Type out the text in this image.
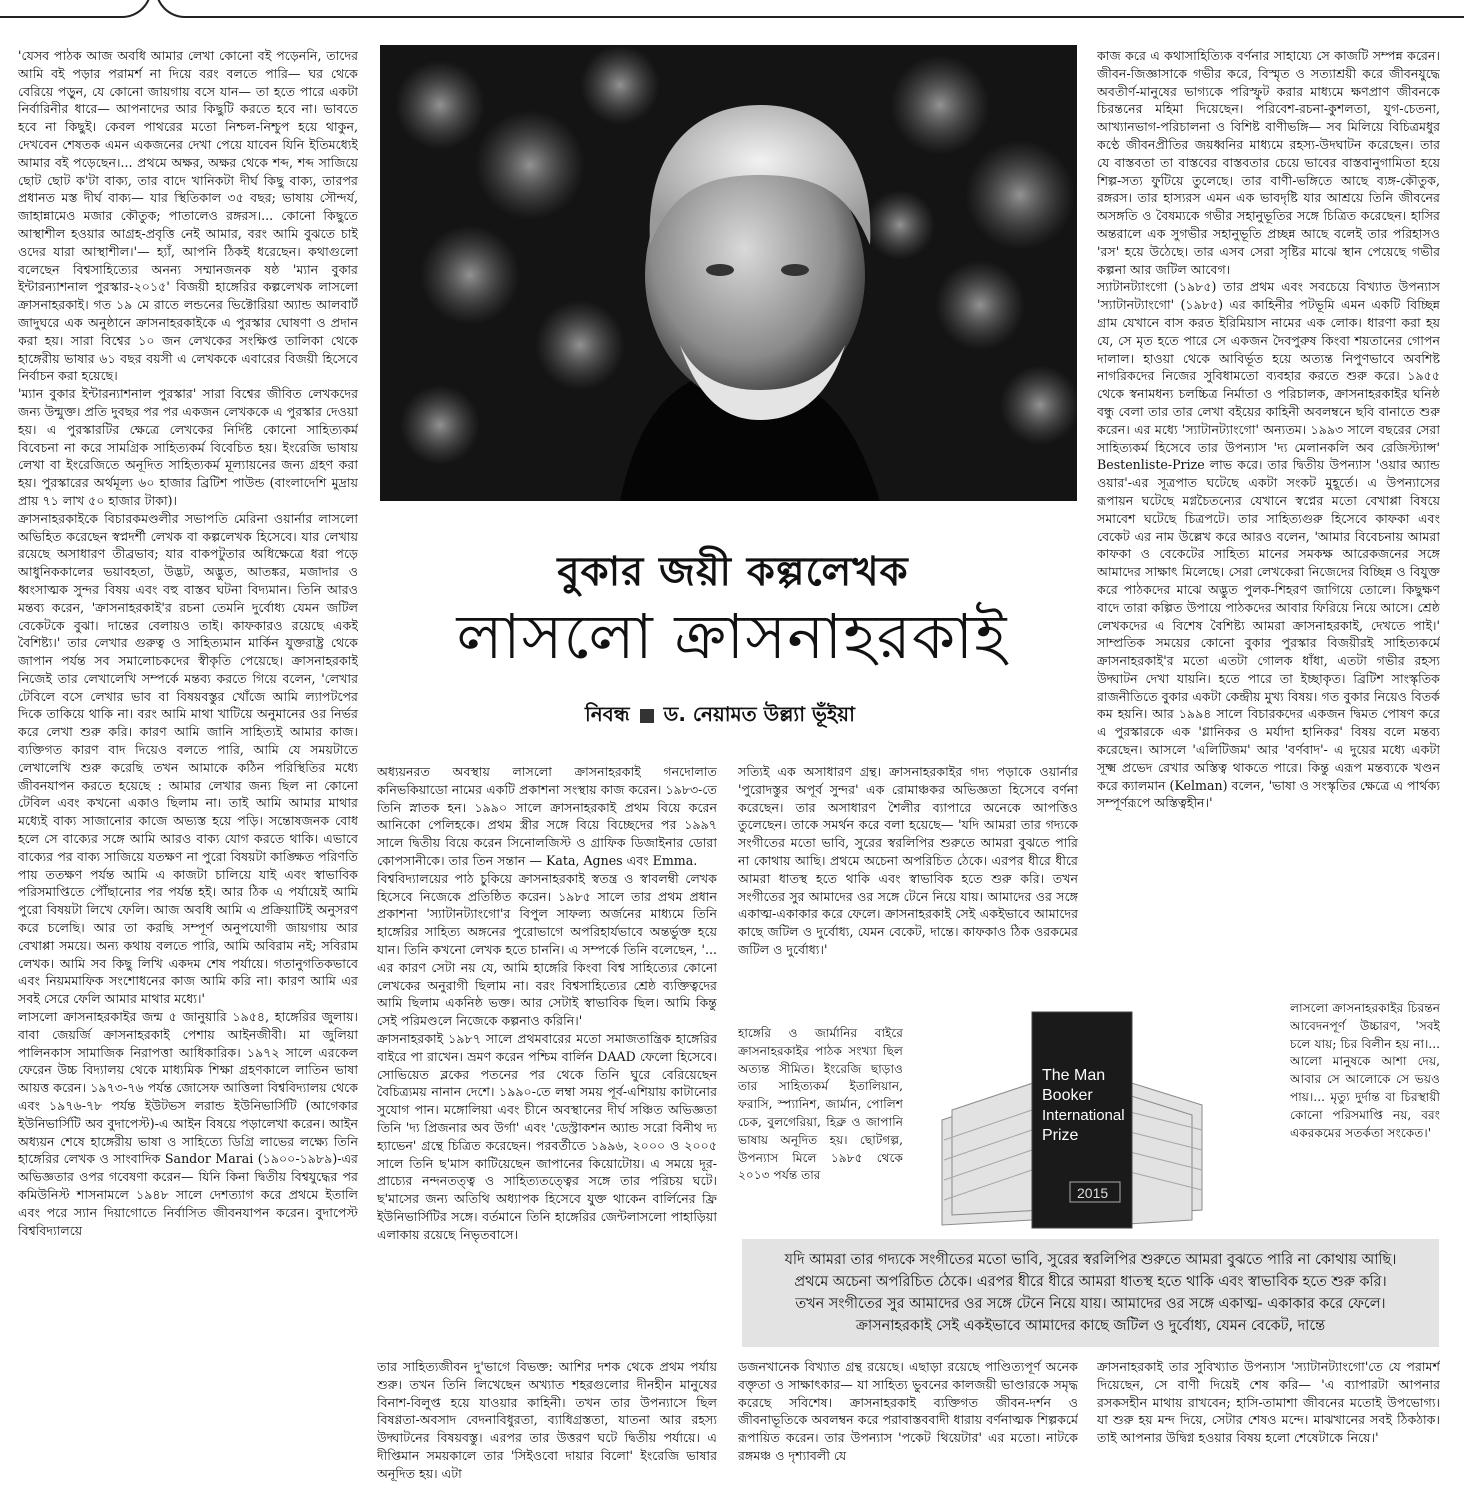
'যেসব পাঠক আজ অবধি আমার লেখা কোনো বই পড়েননি, তাদের আমি বই পড়ার পরামর্শ না দিয়ে বরং বলতে পারি— ঘর থেকে বেরিয়ে পড়ুন, যে কোনো জায়গায় বসে যান— তা হতে পারে একটা নির্বারিনীর ধারে— আপনাদের আর কিছুটি করতে হবে না। ভাবতে হবে না কিছুই। কেবল পাথরের মতো নিশ্চল-নিশ্চুপ হয়ে থাকুন, দেখবেন শেষতক এমন একজনের দেখা পেয়ে যাবেন যিনি ইতিমধ্যেই আমার বই পড়েছেন।... প্রথমে অক্ষর, অক্ষর থেকে শব্দ, শব্দ সাজিয়ে ছোট ছোট ক'টা বাক্য, তার বাদে খানিকটা দীর্ঘ কিছু বাক্য, তারপর প্রধানত মস্ত দীর্ঘ বাক্য— যার স্থিতিকাল ৩৫ বছর; ভাষায় সৌন্দর্য, জাহান্নামেও মজার কৌতুক; পাতালেও রঙ্গরস।... কোনো কিছুতে আস্থাশীল হওয়ার আগ্রহ-প্রবৃত্তি নেই আমার, বরং আমি বুঝতে চাই ওদের যারা আস্থাশীল।'— হ্যাঁ, আপনি ঠিকই ধরেছেন। কথাগুলো বলেছেন বিশ্বসাহিত্যের অনন্য সম্মানজনক ষষ্ঠ 'ম্যান বুকার ইন্টারন্যাশনাল পুরস্কার-২০১৫' বিজয়ী হাঙ্গেরির কল্পলেখক লাসলো ক্রাসনাহরকাই। গত ১৯ মে রাতে লন্ডনের ভিক্টোরিয়া অ্যান্ড আলবার্ট জাদুঘরে এক অনুষ্ঠানে ক্রাসনাহরকাইকে এ পুরস্কার ঘোষণা ও প্রদান করা হয়। সারা বিশ্বের ১০ জন লেখকের সংক্ষিপ্ত তালিকা থেকে হাঙ্গেরীয় ভাষার ৬১ বছর বয়সী এ লেখককে এবারের বিজয়ী হিসেবে নির্বাচন করা হয়েছে।

'ম্যান বুকার ইন্টারন্যাশনাল পুরস্কার' সারা বিশ্বের জীবিত লেখকদের জন্য উন্মুক্ত। প্রতি দুবছর পর পর একজন লেখককে এ পুরস্কার দেওয়া হয়। এ পুরস্কারটির ক্ষেত্রে লেখকের নির্দিষ্ট কোনো সাহিত্যকর্ম বিবেচনা না করে সামগ্রিক সাহিত্যকর্ম বিবেচিত হয়। ইংরেজি ভাষায় লেখা বা ইংরেজিতে অনূদিত সাহিত্যকর্ম মূল্যায়নের জন্য গ্রহণ করা হয়। পুরস্কারের অর্থমূল্য ৬০ হাজার ব্রিটিশ পাউন্ড (বাংলাদেশি মুদ্রায় প্রায় ৭১ লাখ ৫০ হাজার টাকা)।

ক্রাসনাহরকাইকে বিচারকমণ্ডলীর সভাপতি মেরিনা ওয়ার্নার লাসলো অভিহিত করেছেন স্বপ্নদর্শী লেখক বা কল্পলেখক হিসেবে। যার লেখায় রয়েছে অসাধারণ তীব্রভাব; যার বাকপটুতার অধিক্ষেত্রে ধরা পড়ে আধুনিককালের ভয়াবহতা, উদ্ভট, অদ্ভুত, আতঙ্কর, মজাদার ও ধ্বংসাত্মক সুন্দর বিষয় এবং বহু বাস্তব ঘটনা বিদ্যমান। তিনি আরও মন্তব্য করেন, 'ক্রাসনাহরকাই'র রচনা তেমনি দুর্বোধ্য যেমন জটিল বেকেটকে বুঝা। দান্তের বেলায়ও তাই। কাফকারও রয়েছে একই বৈশিষ্ট্য।' তার লেখার গুরুত্ব ও সাহিত্যমান মার্কিন যুক্তরাষ্ট্র থেকে জাপান পর্যন্ত সব সমালোচকদের স্বীকৃতি পেয়েছে। ক্রাসনাহরকাই নিজেই তার লেখালেখি সম্পর্কে মন্তব্য করতে গিয়ে বলেন, 'লেখার টেবিলে বসে লেখার ভাব বা বিষয়বস্তুর খোঁজে আমি ল্যাপটপের দিকে তাকিয়ে থাকি না। বরং আমি মাথা খাটিয়ে অনুমানের ওর নির্ভর করে লেখা শুরু করি। কারণ আমি জানি সাহিত্যই আমার কাজ। ব্যক্তিগত কারণ বাদ দিয়েও বলতে পারি, আমি যে সময়টাতে লেখালেখি শুরু করেছি তখন আমাকে কঠিন পরিস্থিতির মধ্যে জীবনযাপন করতে হয়েছে : আমার লেখার জন্য ছিল না কোনো টেবিল এবং কখনো একাও ছিলাম না। তাই আমি আমার মাথার মধ্যেই বাক্য সাজানোর কাজে অভ্যস্ত হয়ে পড়ি। সন্তোষজনক বোধ হলে সে বাক্যের সঙ্গে আমি আরও বাক্য যোগ করতে থাকি। এভাবে বাক্যের পর বাক্য সাজিয়ে যতক্ষণ না পুরো বিষয়টা কাঙ্ক্ষিত পরিণতি পায় ততক্ষণ পর্যন্ত আমি এ কাজটা চালিয়ে যাই এবং স্বাভাবিক পরিসমাপ্তিতে পৌঁছানোর পর পর্যন্ত হই। আর ঠিক এ পর্যায়েই আমি পুরো বিষয়টা লিখে ফেলি। আজ অবধি আমি এ প্রক্রিয়াটিই অনুসরণ করে চলেছি। আর তা করছি সম্পূর্ণ অনুপযোগী জায়গায় আর বেখাপ্পা সময়ে। অন্য কথায় বলতে পারি, আমি অবিরাম নই; সবিরাম লেখক। আমি সব কিছু লিখি একদম শেষ পর্যায়ে। গতানুগতিকভাবে এবং নিয়মমাফিক সংশোধনের কাজ আমি করি না। কারণ আমি এর সবই সেরে ফেলি আমার মাথার মধ্যে।'

লাসলো ক্রাসনাহরকাইর জন্ম ৫ জানুয়ারি ১৯৫৪, হাঙ্গেরির জুলায়। বাবা জেয়র্জি ক্রাসনাহরকাই পেশায় আইনজীবী। মা জুলিয়া পালিনকাস সামাজিক নিরাপত্তা আধিকারিক। ১৯৭২ সালে এরকেল ফেরেন উচ্চ বিদ্যালয় থেকে মাধ্যমিক শিক্ষা গ্রহণকালে লাতিন ভাষা আয়ত্ত করেন। ১৯৭৩-৭৬ পর্যন্ত জোসেফ আত্তিলা বিশ্ববিদ্যালয় থেকে এবং ১৯৭৬-৭৮ পর্যন্ত ইউটভস লরান্ড ইউনিভার্সিটি (আগেকার ইউনিভার্সিটি অব বুদাপেস্ট)-এ আইন বিষয়ে পড়ালেখা করেন। আইন অধ্যয়ন শেষে হাঙ্গেরীয় ভাষা ও সাহিত্যে ডিগ্রি লাভের লক্ষ্যে তিনি হাঙ্গেরির লেখক ও সাংবাদিক Sandor Marai (১৯০০-১৯৮৯)-এর অভিজ্ঞতার ওপর গবেষণা করেন— যিনি কিনা দ্বিতীয় বিশ্বযুদ্ধের পর কমিউনিস্ট শাসনামলে ১৯৪৮ সালে দেশত্যাগ করে প্রথমে ইতালি এবং পরে স্যান দিয়াগোতে নির্বাসিত জীবনযাপন করেন। বুদাপেস্ট বিশ্ববিদ্যালয়ে

বুকার জয়ী কল্পলেখক
লাসলো ক্রাসনাহরকাই
নিবন্ধ ড. নেয়ামত উল্ল্যা ভূঁইয়া

অধ্যয়নরত অবস্থায় লাসলো ক্রাসনাহরকাই গনদোলাত কনিভকিয়াডো নামের একটি প্রকাশনা সংস্থায় কাজ করেন। ১৯৮৩-তে তিনি স্নাতক হন। ১৯৯০ সালে ক্রাসনাহরকাই প্রথম বিয়ে করেন আনিকো পেলিহকে। প্রথম স্ত্রীর সঙ্গে বিয়ে বিচ্ছেদের পর ১৯৯৭ সালে দ্বিতীয় বিয়ে করেন সিনোলজিস্ট ও গ্রাফিক ডিজাইনার ডোরা কোপসানীকে। তার তিন সন্তান — Kata, Agnes এবং Emma.

বিশ্ববিদ্যালয়ের পাঠ চুকিয়ে ক্রাসনাহরকাই স্বতন্ত্র ও স্বাবলম্বী লেখক হিসেবে নিজেকে প্রতিষ্ঠিত করেন। ১৯৮৫ সালে তার প্রথম প্রধান প্রকাশনা 'স্যাটানট্যাংগো'র বিপুল সাফল্য অর্জনের মাধ্যমে তিনি হাঙ্গেরির সাহিত্য অঙ্গনের পুরোভাগে অপরিহার্যভাবে অন্তর্ভুক্ত হয়ে যান। তিনি কখনো লেখক হতে চাননি। এ সম্পর্কে তিনি বলেছেন, '... এর কারণ সেটা নয় যে, আমি হাঙ্গেরি কিংবা বিশ্ব সাহিত্যের কোনো লেখকের অনুরাগী ছিলাম না। বরং বিশ্বসাহিত্যের শ্রেষ্ঠ ব্যক্তিত্বদের আমি ছিলাম একনিষ্ঠ ভক্ত। আর সেটাই স্বাভাবিক ছিল। আমি কিন্তু সেই পরিমণ্ডলে নিজেকে কল্পনাও করিনি।'

ক্রাসনাহরকাই ১৯৮৭ সালে প্রথমবারের মতো সমাজতান্ত্রিক হাঙ্গেরির বাইরে পা রাখেন। ভ্রমণ করেন পশ্চিম বার্লিন DAAD ফেলো হিসেবে। সোভিয়েত ব্লকের পতনের পর থেকে তিনি ঘুরে বেরিয়েছেন বৈচিত্র্যময় নানান দেশে। ১৯৯০-তে লম্বা সময় পূর্ব-এশিয়ায় কাটানোর সুযোগ পান। মঙ্গোলিয়া এবং চীনে অবস্থানের দীর্ঘ সঞ্চিত অভিজ্ঞতা তিনি 'দ্য প্রিজনার অব উর্গা' এবং 'ডেস্ট্রাকশন অ্যান্ড সরো বিনীথ দ্য হ্যাভেন' গ্রন্থে চিত্রিত করেছেন। পরবর্তীতে ১৯৯৬, ২০০০ ও ২০০৫ সালে তিনি ছ'মাস কাটিয়েছেন জাপানের কিয়োটোয়। এ সময়ে দূর-প্রাচ্যের নন্দনতত্ত্ব ও সাহিত্যতত্ত্বের সঙ্গে তার পরিচয় ঘটে। ছ'মাসের জন্য অতিথি অধ্যাপক হিসেবে যুক্ত থাকেন বার্লিনের ফ্রি ইউনিভার্সিটির সঙ্গে। বর্তমানে তিনি হাঙ্গেরির জেন্টলাসলো পাহাড়িয়া এলাকায় রয়েছে নিভৃতবাসে।

সত্যিই এক অসাধারণ গ্রন্থ। ক্রাসনাহরকাইর গদ্য পড়াকে ওয়ার্নার 'পুরোদস্তুর অপূর্ব সুন্দর' এক রোমাঞ্চকর অভিজ্ঞতা হিসেবে বর্ণনা করেছেন। তার অসাধারণ শৈলীর ব্যাপারে অনেকে আপত্তিও তুলেছেন। তাকে সমর্থন করে বলা হয়েছে— 'যদি আমরা তার গদ্যকে সংগীতের মতো ভাবি, সুরের স্বরলিপির শুরুতে আমরা বুঝতে পারি না কোথায় আছি। প্রথমে অচেনা অপরিচিত ঠেকে। এরপর ধীরে ধীরে আমরা ধাতস্থ হতে থাকি এবং স্বাভাবিক হতে শুরু করি। তখন সংগীতের সুর আমাদের ওর সঙ্গে টেনে নিয়ে যায়। আমাদের ওর সঙ্গে একাত্ম-একাকার করে ফেলে। ক্রাসনাহরকাই সেই একইভাবে আমাদের কাছে জটিল ও দুর্বোধ্য, যেমন বেকেট, দান্তে। কাফকাও ঠিক ওরকমের জটিল ও দুর্বোধ্য।'

হাঙ্গেরি ও জার্মানির বাইরে ক্রাসনাহরকাইর পাঠক সংখ্যা ছিল অত্যন্ত সীমিত। ইংরেজি ছাড়াও তার সাহিত্যকর্ম ইতালিয়ান, ফরাসি, স্প্যানিশ, জার্মান, পোলিশ চেক, বুলগেরিয়া, হিব্রু ও জাপানি ভাষায় অনূদিত হয়। ছোটগল্প, উপন্যাস মিলে ১৯৮৫ থেকে ২০১৩ পর্যন্ত তার

কাজ করে এ কথাসাহিত্যিক বর্ণনার সাহায্যে সে কাজটি সম্পন্ন করেন। জীবন-জিজ্ঞাসাকে গভীর করে, বিস্মৃত ও সত্যাশ্রয়ী করে জীবনযুদ্ধে অবতীর্ণ-মানুষের ভাগ্যকে পরিস্ফুট করার মাধ্যমে ক্ষণপ্রাণ জীবনকে চিরন্তনের মহিমা দিয়েছেন। পরিবেশ-রচনা-কুশলতা, যুগ-চেতনা, আখ্যানভাগ-পরিচালনা ও বিশিষ্ট বাণীভঙ্গি— সব মিলিয়ে বিচিত্রমধুর কণ্ঠে জীবনপ্রীতির জয়ধ্বনির মাধ্যমে রহস্য-উদঘাটন করেছেন। তার যে বাস্তবতা তা বাস্তবের বাস্তবতার চেয়ে ভাবের বাস্তবানুগামিতা হয়ে শিল্প-সত্য ফুটিয়ে তুলেছে। তার বাণী-ভঙ্গিতে আছে ব্যঙ্গ-কৌতুক, রঙ্গরস। তার হাস্যরস এমন এক ভাবদৃষ্টি যার আশ্রয়ে তিনি জীবনের অসঙ্গতি ও বৈষম্যকে গভীর সহানুভূতির সঙ্গে চিত্রিত করেছেন। হাসির অন্তরালে এক সুগভীর সহানুভূতি প্রচ্ছন্ন আছে বলেই তার পরিহাসও 'রস' হয়ে উঠেছে। তার এসব সেরা সৃষ্টির মাঝে স্থান পেয়েছে গভীর কল্পনা আর জটিল আবেগ।

স্যাটানট্যাংগো (১৯৮৫) তার প্রথম এবং সবচেয়ে বিখ্যাত উপন্যাস 'স্যাটানট্যাংগো' (১৯৮৫) এর কাহিনীর পটভূমি এমন একটি বিচ্ছিন্ন গ্রাম যেখানে বাস করত ইরিমিয়াস নামের এক লোক। ধারণা করা হয় যে, সে মৃত হতে পারে সে একজন দৈবপুরুষ কিংবা শয়তানের গোপন দালাল। হাওয়া থেকে আবির্ভূত হয়ে অত্যন্ত নিপুণভাবে অবশিষ্ট নাগরিকদের নিজের সুবিধামতো ব্যবহার করতে শুরু করে। ১৯৫৫ থেকে স্বনামধন্য চলচ্চিত্র নির্মাতা ও পরিচালক, ক্রাসনাহরকাইর ঘনিষ্ঠ বন্ধু বেলা তার তার লেখা বইয়ের কাহিনী অবলম্বনে ছবি বানাতে শুরু করেন। এর মধ্যে 'স্যাটানট্যাংগো' অন্যতম। ১৯৯৩ সালে বছরের সেরা সাহিত্যকর্ম হিসেবে তার উপন্যাস 'দ্য মেলানকলি অব রেজিস্ট্যান্স' Bestenliste-Prize লাভ করে। তার দ্বিতীয় উপন্যাস 'ওয়ার অ্যান্ড ওয়ার'-এর সূত্রপাত ঘটেছে একটা সংকট মুহূর্তে। এ উপন্যাসের রূপায়ন ঘটেছে মগ্নচৈতন্যের যেখানে স্বপ্নের মতো বেখাপ্পা বিষয়ে সমাবেশ ঘটেছে চিত্রপটে। তার সাহিত্যগুরু হিসেবে কাফকা এবং বেকেট এর নাম উল্লেখ করে আরও বলেন, 'আমার বিবেচনায় আমরা কাফকা ও বেকেটের সাহিত্য মানের সমকক্ষ আরেকজনের সঙ্গে আমাদের সাক্ষাৎ মিলেছে। সেরা লেখকেরা নিজেদের বিচ্ছিন্ন ও বিযুক্ত করে পাঠকদের মাঝে অদ্ভুত পুলক-শিহরণ জাগিয়ে তোলে। কিছুক্ষণ বাদে তারা কল্পিত উপায়ে পাঠকদের আবার ফিরিয়ে নিয়ে আসে। শ্রেষ্ঠ লেখকদের এ বিশেষ বৈশিষ্ট্য আমরা ক্রাসনাহরকাই, দেখতে পাই।' সাম্প্রতিক সময়ের কোনো বুকার পুরস্কার বিজয়ীরই সাহিত্যকর্মে ক্রাসনাহরকাই'র মতো এতটা গোলক ধাঁধা, এতটা গভীর রহস্য উদ্ঘাটন দেখা যায়নি। হতে পারে তা ইচ্ছাকৃত। ব্রিটিশ সাংস্কৃতিক রাজনীতিতে বুকার একটা কেন্দ্রীয় মুখ্য বিষয়। গত বুকার নিয়েও বিতর্ক কম হয়নি। আর ১৯৯৪ সালে বিচারকদের একজন দ্বিমত পোষণ করে এ পুরস্কারকে এক 'গ্লানিকর ও মর্যাদা হানিকর' বিষয় বলে মন্তব্য করেছেন। আসলে 'এলিটিজম' আর 'বর্ণবাদ'- এ দুয়ের মধ্যে একটা সূক্ষ্ম প্রভেদ রেখার অস্তিত্ব থাকতে পারে। কিন্তু এরূপ মন্তব্যকে খণ্ডন করে ক্যালমান (Kelman) বলেন, 'ভাষা ও সংস্কৃতির ক্ষেত্রে এ পার্থক্য সম্পূর্ণরূপে অস্তিত্বহীন।'

লাসলো ক্রাসনাহরকাইর চিরন্তন আবেদনপূর্ণ উচ্চারণ, 'সবই চলে যায়; চির বিলীন হয় না।... আলো মানুষকে আশা দেয়, আবার সে আলোকে সে ভয়ও পায়।... মৃত্যু দুর্দান্ত বা চিরস্থায়ী কোনো পরিসমাপ্তি নয়, বরং একরকমের সতর্কতা সংকেত।'

The Man
Booker
International
Prize
2015

যদি আমরা তার গদ্যকে সংগীতের মতো ভাবি, সুরের স্বরলিপির শুরুতে আমরা বুঝতে পারি না কোথায় আছি।

প্রথমে অচেনা অপরিচিত ঠেকে। এরপর ধীরে ধীরে আমরা ধাতস্থ হতে থাকি এবং স্বাভাবিক হতে শুরু করি।

তখন সংগীতের সুর আমাদের ওর সঙ্গে টেনে নিয়ে যায়। আমাদের ওর সঙ্গে একাত্ম- একাকার করে ফেলে।

ক্রাসনাহরকাই সেই একইভাবে আমাদের কাছে জটিল ও দুর্বোধ্য, যেমন বেকেট, দান্তে

তার সাহিত্যজীবন দু'ভাগে বিভক্ত: আশির দশক থেকে প্রথম পর্যায় শুরু। তখন তিনি লিখেছেন অখ্যাত শহরগুলোর দীনহীন মানুষের বিনাশ-বিলুপ্ত হয়ে যাওয়ার কাহিনী। তখন তার উপন্যাসে ছিল বিষণ্ণতা-অবসাদ বেদনাবিধুরতা, ব্যাধিগ্রস্ততা, যাতনা আর রহস্য উদ্ঘাটনের বিষয়বস্তু। এরপর তার উত্তরণ ঘটে দ্বিতীয় পর্যায়ে। এ দীপ্তিমান সময়কালে তার 'সিইওবো দায়ার বিলো' ইংরেজি ভাষার অনূদিত হয়। এটা

ডজনখানেক বিখ্যাত গ্রন্থ রয়েছে। এছাড়া রয়েছে পাণ্ডিত্যপূর্ণ অনেক বক্তৃতা ও সাক্ষাৎকার— যা সাহিত্য ভুবনের কালজয়ী ভাণ্ডারকে সমৃদ্ধ করেছে সবিশেষ। ক্রাসনাহরকাই ব্যক্তিগত জীবন-দর্শন ও জীবনাভূতিকে অবলম্বন করে পরাবাস্তববাদী ধারায় বর্ণনাত্মক শিল্পকর্মে রূপায়িত করেন। তার উপন্যাস 'পকেট থিয়েটার' এর মতো। নাটকে রঙ্গমঞ্চ ও দৃশ্যাবলী যে

ক্রাসনাহরকাই তার সুবিখ্যাত উপন্যাস 'স্যাটানট্যাংগো'তে যে পরামর্শ দিয়েছেন, সে বাণী দিয়েই শেষ করি— 'এ ব্যাপারটা আপনার রসকসহীন মাথায় রাখবেন; হাসি-তামাশা জীবনের মতোই উপভোগ্য। যা শুরু হয় মন্দ দিয়ে, সেটার শেষও মন্দে। মাঝখানের সবই ঠিকঠাক। তাই আপনার উদ্বিগ্ন হওয়ার বিষয় হলো শেষেটাকে নিয়ে।'
